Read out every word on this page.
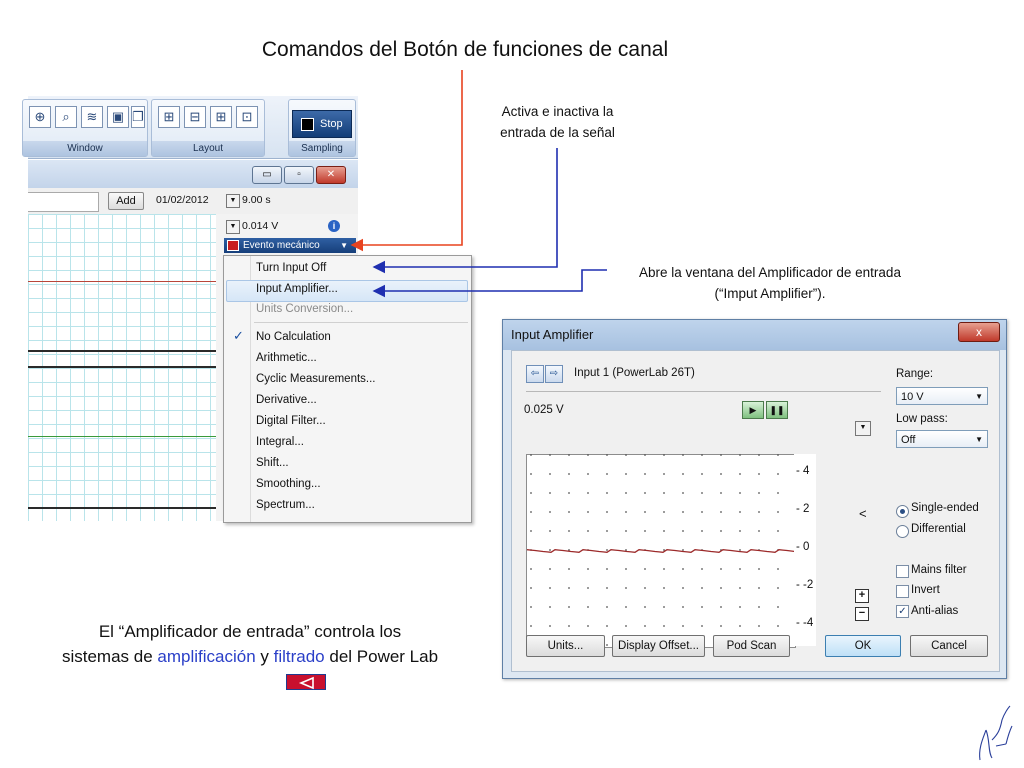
Comandos del Botón de funciones de canal
Activa e inactiva la
entrada de la señal
Abre la ventana del Amplificador de entrada
(“Imput Amplifier”).
⊕	⌕	≋	▣ ❐
Window
⊞	⊟	⊞	⊡
Layout	Sampling
Stop
▭	▫	✕
Add	01/02/2012	▼ 9.00 s
▼ 0.014 V	i
Evento mecánico	▼
Turn Input Off
Input Amplifier...
Units Conversion...
✓ No Calculation
Arithmetic...
Cyclic Measurements...
Derivative...
Digital Filter...
Integral...
Shift...
Smoothing...
Spectrum...
Input Amplifier	x
⇦	⇨	Input 1 (PowerLab 26T)
0.025 V	▶	❚❚
- 4
- 2
- 0
- -2
- -4
▼
<
+
−
Range:
10 V	▼
Low pass:
Off	▼
Single-ended
Differential
Mains filter
Invert
✓ Anti-alias
Units...	Display Offset...	Pod Scan	OK	Cancel
El “Amplificador de entrada” controla los
sistemas de amplificación y filtrado del Power Lab
